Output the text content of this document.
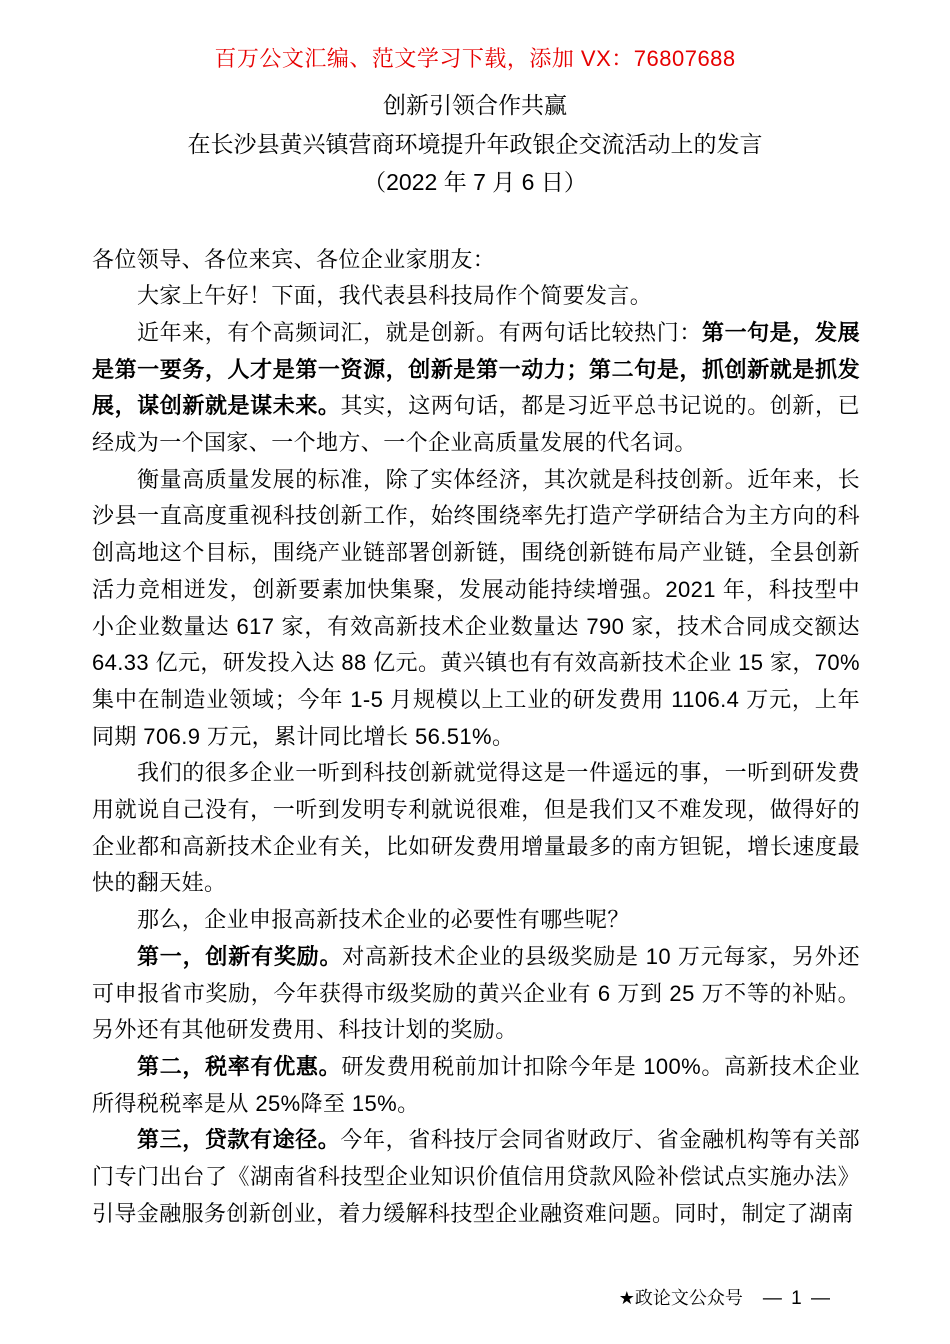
百万公文汇编、范文学习下载，添加 VX：76807688
创新引领合作共赢
在长沙县黄兴镇营商环境提升年政银企交流活动上的发言
（2022 年 7 月 6 日）

各位领导、各位来宾、各位企业家朋友：

大家上午好！下面，我代表县科技局作个简要发言。

近年来，有个高频词汇，就是创新。有两句话比较热门：第一句是，发展是第一要务，人才是第一资源，创新是第一动力；第二句是，抓创新就是抓发展，谋创新就是谋未来。其实，这两句话，都是习近平总书记说的。创新，已经成为一个国家、一个地方、一个企业高质量发展的代名词。

衡量高质量发展的标准，除了实体经济，其次就是科技创新。近年来，长沙县一直高度重视科技创新工作，始终围绕率先打造产学研结合为主方向的科创高地这个目标，围绕产业链部署创新链，围绕创新链布局产业链，全县创新活力竞相迸发，创新要素加快集聚，发展动能持续增强。2021 年，科技型中小企业数量达 617 家，有效高新技术企业数量达 790 家，技术合同成交额达 64.33 亿元，研发投入达 88 亿元。黄兴镇也有有效高新技术企业 15 家，70%集中在制造业领域；今年 1-5 月规模以上工业的研发费用 1106.4 万元，上年同期 706.9 万元，累计同比增长 56.51%。

我们的很多企业一听到科技创新就觉得这是一件遥远的事，一听到研发费用就说自己没有，一听到发明专利就说很难，但是我们又不难发现，做得好的企业都和高新技术企业有关，比如研发费用增量最多的南方钽铌，增长速度最快的翻天娃。

那么，企业申报高新技术企业的必要性有哪些呢？

第一，创新有奖励。对高新技术企业的县级奖励是 10 万元每家，另外还可申报省市奖励，今年获得市级奖励的黄兴企业有 6 万到 25 万不等的补贴。另外还有其他研发费用、科技计划的奖励。

第二，税率有优惠。研发费用税前加计扣除今年是 100%。高新技术企业所得税税率是从 25%降至 15%。

第三，贷款有途径。今年，省科技厅会同省财政厅、省金融机构等有关部门专门出台了《湖南省科技型企业知识价值信用贷款风险补偿试点实施办法》引导金融服务创新创业，着力缓解科技型企业融资难问题。同时，制定了湖南

★政论文公众号 — 1 —
